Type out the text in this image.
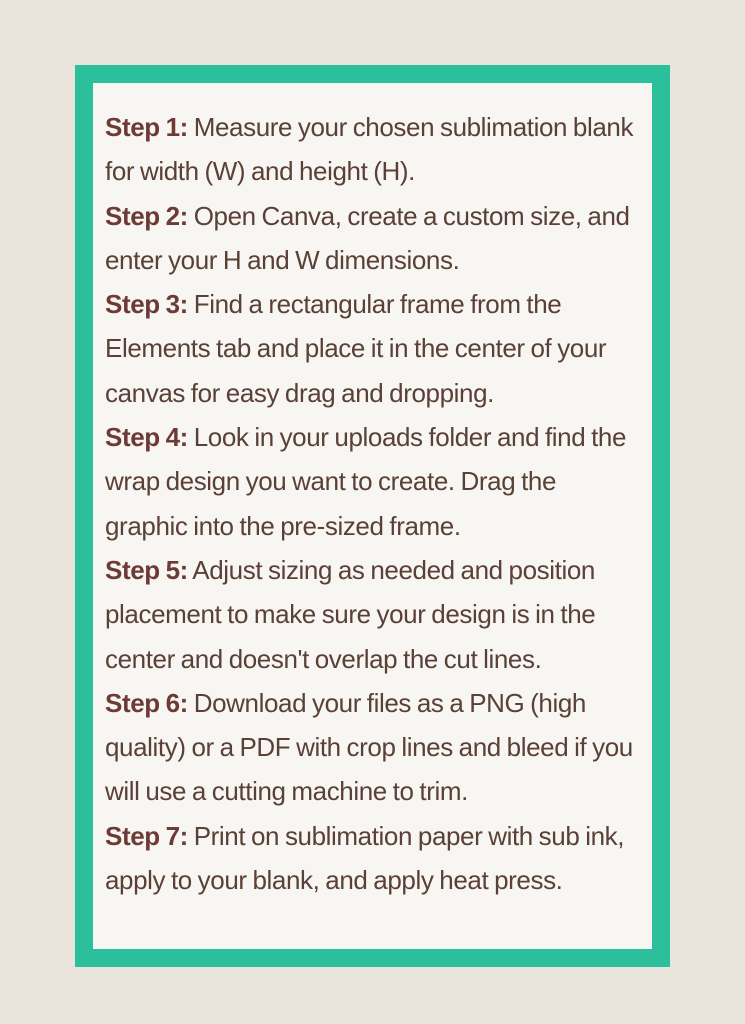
Step 1: Measure your chosen sublimation blank for width (W) and height (H).

Step 2: Open Canva, create a custom size, and enter your H and W dimensions.

Step 3: Find a rectangular frame from the Elements tab and place it in the center of your canvas for easy drag and dropping.

Step 4: Look in your uploads folder and find the wrap design you want to create. Drag the graphic into the pre-sized frame.

Step 5: Adjust sizing as needed and position placement to make sure your design is in the center and doesn't overlap the cut lines.

Step 6: Download your files as a PNG (high quality) or a PDF with crop lines and bleed if you will use a cutting machine to trim.

Step 7: Print on sublimation paper with sub ink, apply to your blank, and apply heat press.
